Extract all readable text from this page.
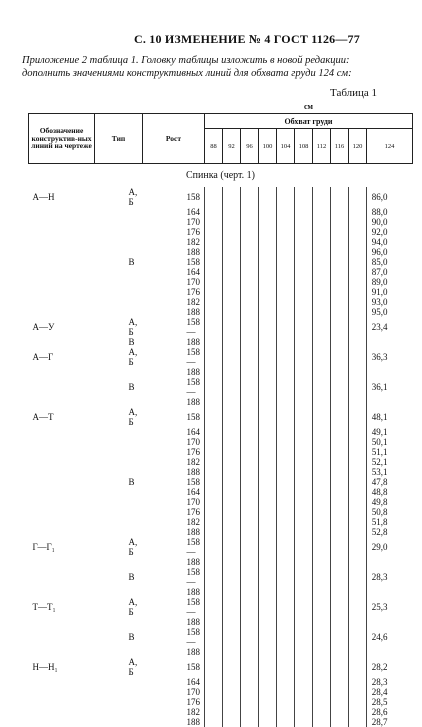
С. 10 ИЗМЕНЕНИЕ № 4 ГОСТ 1126—77
Приложение 2 таблица 1. Головку таблицы изложить в новой редакции:
дополнить значениями конструктивных линий для обхвата груди 124 см:
Таблица 1
			см									
Обозначение конструктив-ных линий на чертеже	Тип	Рост	Обхват груди									
			88	92	96	100	104	108	112	116	120	124
Спинка (черт. 1)												
А—Н	А, Б	158										86,0
		164										88,0
		170										90,0
		176										92,0
		182										94,0
		188										96,0
	В	158										85,0
		164										87,0
		170										89,0
		176										91,0
		182										93,0
		188										95,0
А—У	А, Б	158—										23,4
	В	188										
А—Г	А, Б	158—										36,3
		188										
	В	158—										36,1
		188										
А—Т	А, Б	158										48,1
		164										49,1
		170										50,1
		176										51,1
		182										52,1
		188										53,1
	В	158										47,8
		164										48,8
		170										49,8
		176										50,8
		182										51,8
		188										52,8
Г—Г₁	А, Б	158—										29,0
		188										
	В	158—										28,3
		188										
Т—Т₁	А, Б	158—										25,3
		188										
	В	158—										24,6
		188										
Н—Н₁	А, Б	158										28,2
		164										28,3
		170										28,4
		176										28,5
		182										28,6
		188										28,7
